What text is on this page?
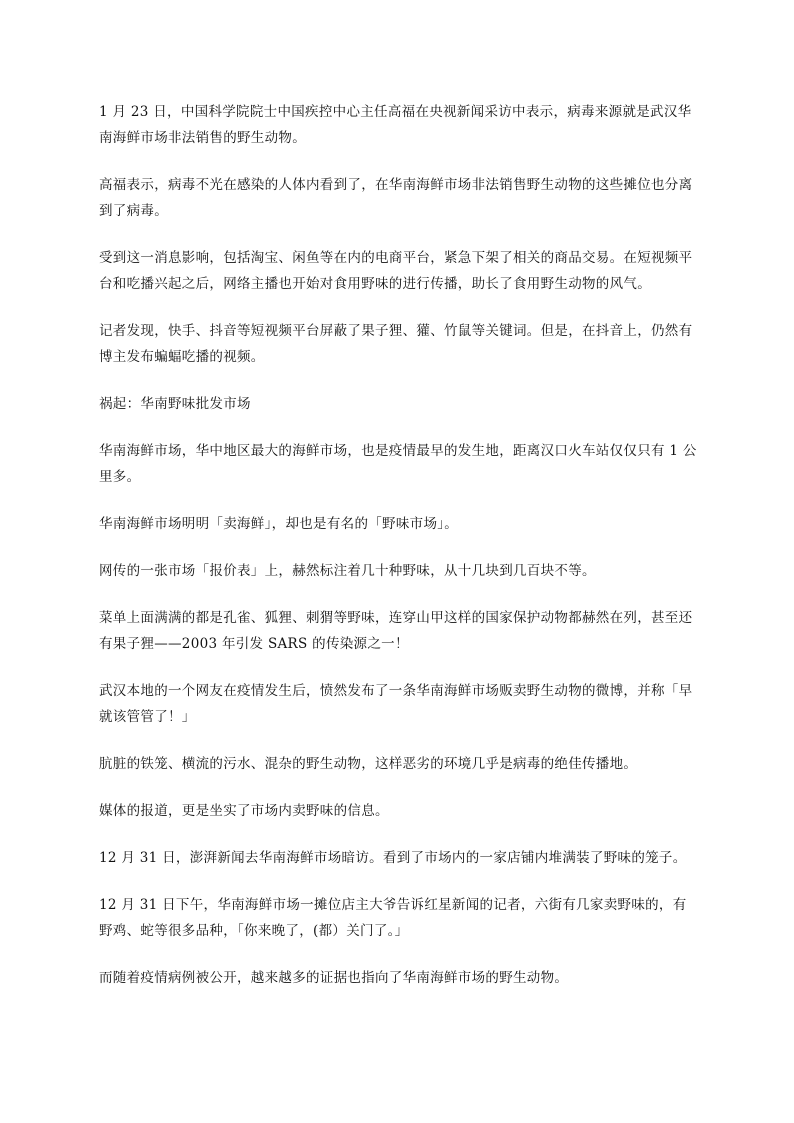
1 月 23 日，中国科学院院士中国疾控中心主任高福在央视新闻采访中表示，病毒来源就是武汉华南海鲜市场非法销售的野生动物。

高福表示，病毒不光在感染的人体内看到了，在华南海鲜市场非法销售野生动物的这些摊位也分离到了病毒。

受到这一消息影响，包括淘宝、闲鱼等在内的电商平台，紧急下架了相关的商品交易。在短视频平台和吃播兴起之后，网络主播也开始对食用野味的进行传播，助长了食用野生动物的风气。

记者发现，快手、抖音等短视频平台屏蔽了果子狸、獾、竹鼠等关键词。但是，在抖音上，仍然有博主发布蝙蝠吃播的视频。

祸起：华南野味批发市场

华南海鲜市场，华中地区最大的海鲜市场，也是疫情最早的发生地，距离汉口火车站仅仅只有 1 公里多。

华南海鲜市场明明「卖海鲜」，却也是有名的「野味市场」。

网传的一张市场「报价表」上，赫然标注着几十种野味，从十几块到几百块不等。

菜单上面满满的都是孔雀、狐狸、刺猬等野味，连穿山甲这样的国家保护动物都赫然在列，甚至还有果子狸——2003 年引发 SARS 的传染源之一！

武汉本地的一个网友在疫情发生后，愤然发布了一条华南海鲜市场贩卖野生动物的微博，并称「早就该管管了！」

肮脏的铁笼、横流的污水、混杂的野生动物，这样恶劣的环境几乎是病毒的绝佳传播地。

媒体的报道，更是坐实了市场内卖野味的信息。

12 月 31 日，澎湃新闻去华南海鲜市场暗访。看到了市场内的一家店铺内堆满装了野味的笼子。

12 月 31 日下午，华南海鲜市场一摊位店主大爷告诉红星新闻的记者，六街有几家卖野味的，有野鸡、蛇等很多品种，「你来晚了，(都）关门了。」

而随着疫情病例被公开，越来越多的证据也指向了华南海鲜市场的野生动物。
